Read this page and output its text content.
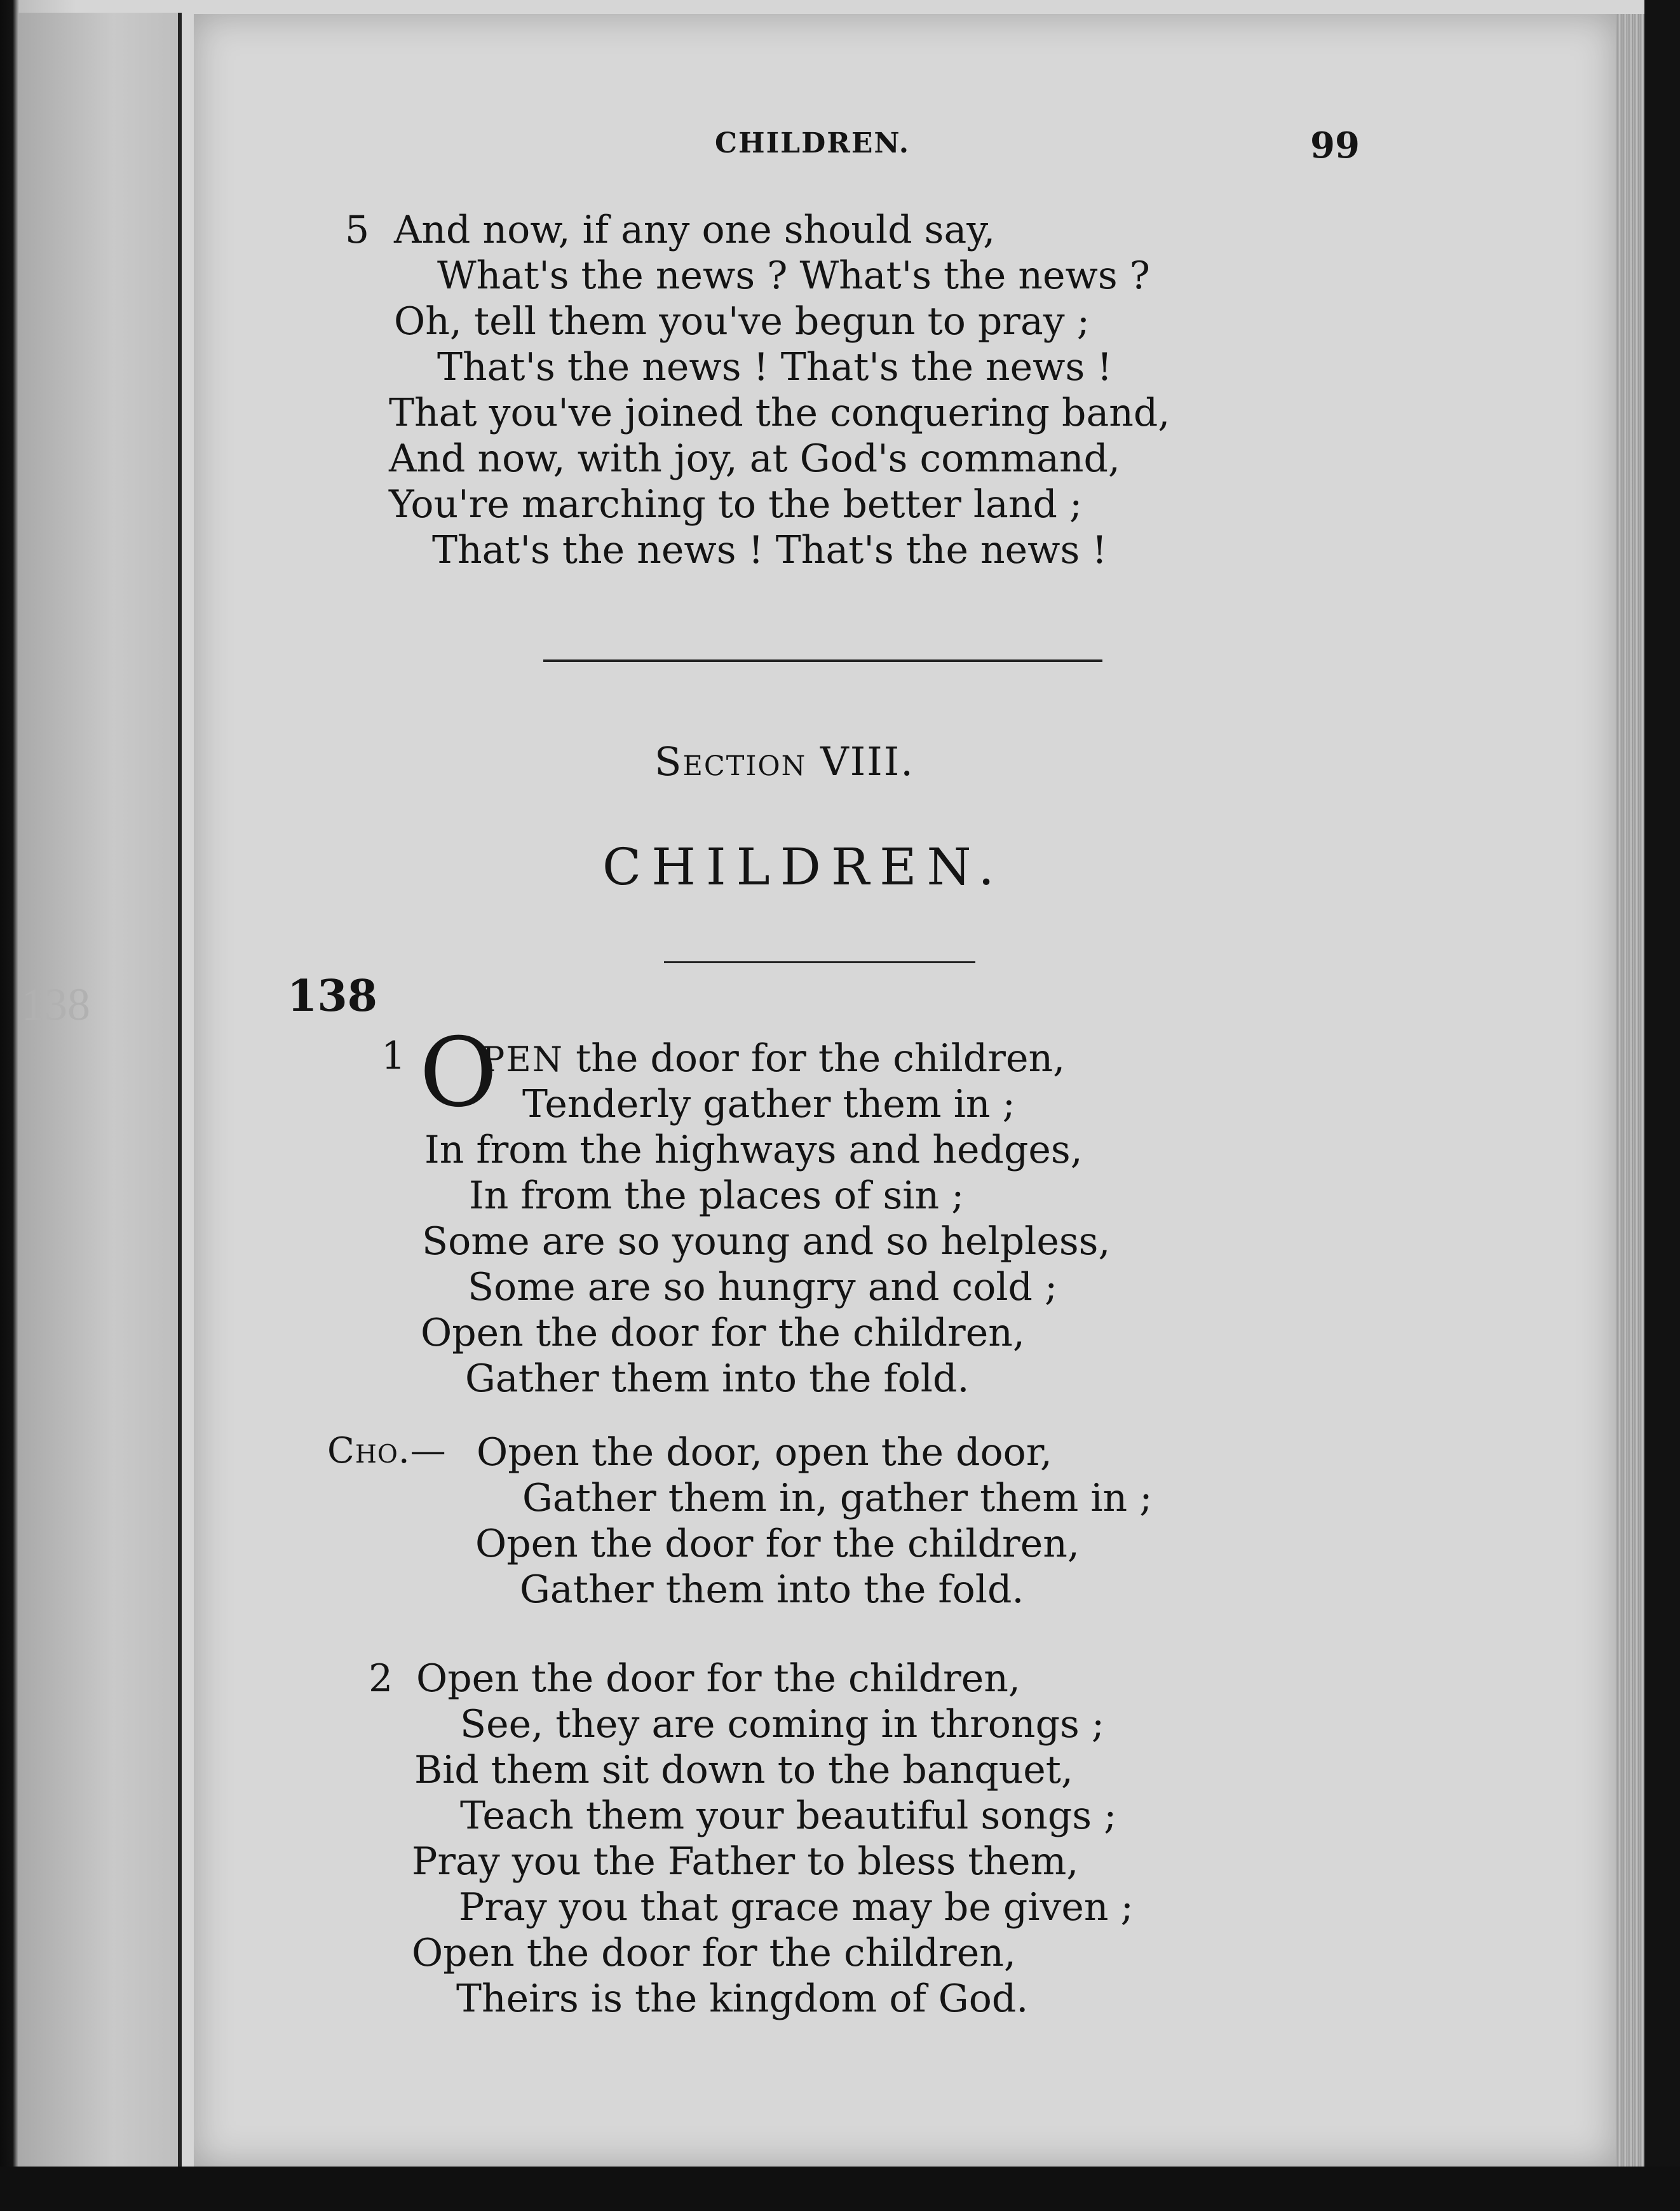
138
CHILDREN.	99
5 And now, if any one should say,
What's the news ? What's the news ?
Oh, tell them you've begun to pray ;
That's the news ! That's the news !
That you've joined the conquering band,
And now, with joy, at God's command,
You're marching to the better land ;
That's the news ! That's the news !
Section VIII.
CHILDREN.
138
1 O
PEN the door for the children,
Tenderly gather them in ;
In from the highways and hedges,
In from the places of sin ;
Some are so young and so helpless,
Some are so hungry and cold ;
Open the door for the children,
Gather them into the fold.
Cho.— Open the door, open the door,
Gather them in, gather them in ;
Open the door for the children,
Gather them into the fold.
2 Open the door for the children,
See, they are coming in throngs ;
Bid them sit down to the banquet,
Teach them your beautiful songs ;
Pray you the Father to bless them,
Pray you that grace may be given ;
Open the door for the children,
Theirs is the kingdom of God.
